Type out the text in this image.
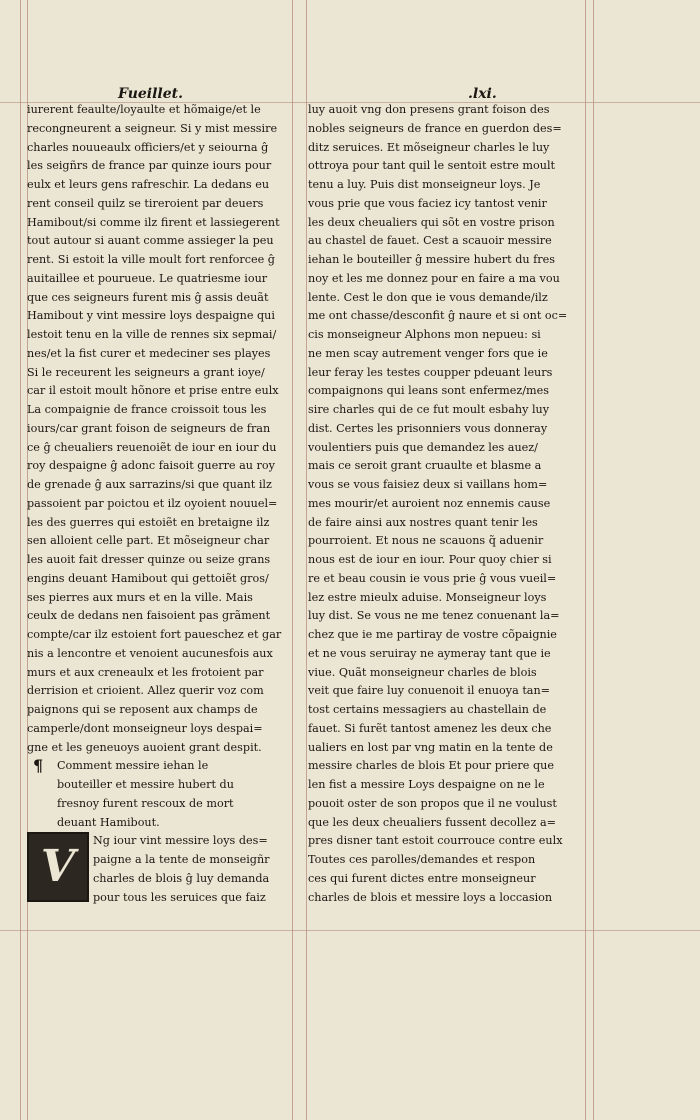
Fueillet.	.lxi.
iurerent feaulte/loyaulte et hõmaige/et le
recongneurent a seigneur. Si y mist messire
charles nouueaulx officiers/et y seiourna ĝ
les seigñrs de france par quinze iours pour
eulx et leurs gens rafreschir. La dedans eu
rent conseil quilz se tireroient par deuers
Hamibout/si comme ilz firent et lassiegerent
tout autour si auant comme assieger la peu
rent. Si estoit la ville moult fort renforcee ĝ
auitaillee et pourueue. Le quatriesme iour
que ces seigneurs furent mis ĝ assis deuãt
Hamibout y vint messire loys despaigne qui
lestoit tenu en la ville de rennes six sepmai/
nes/et la fist curer et medeciner ses playes
Si le receurent les seigneurs a grant ioye/
car il estoit moult hõnore et prise entre eulx
La compaignie de france croissoit tous les
iours/car grant foison de seigneurs de fran
ce ĝ cheualiers reuenoiẽt de iour en iour du
roy despaigne ĝ adonc faisoit guerre au roy
de grenade ĝ aux sarrazins/si que quant ilz
passoient par poictou et ilz oyoient nouuel=
les des guerres qui estoiẽt en bretaigne ilz
sen alloient celle part. Et mõseigneur char
les auoit fait dresser quinze ou seize grans
engins deuant Hamibout qui gettoiẽt gros/
ses pierres aux murs et en la ville. Mais
ceulx de dedans nen faisoient pas grãment
compte/car ilz estoient fort paueschez et gar
nis a lencontre et venoient aucunesfois aux
murs et aux creneaulx et les frotoient par
derrision et crioient. Allez querir voz com
paignons qui se reposent aux champs de
camperle/dont monseigneur loys despai=
gne et les geneuoys auoient grant despit.
¶ Comment messire iehan le
bouteiller et messire hubert du
fresnoy furent rescoux de mort
deuant Hamibout.
V
Ng iour vint messire loys des=
paigne a la tente de monseigñr
charles de blois ĝ luy demanda
pour tous les seruices que faiz
luy auoit vng don presens grant foison des
nobles seigneurs de france en guerdon des=
ditz seruices. Et mõseigneur charles le luy
ottroya pour tant quil le sentoit estre moult
tenu a luy. Puis dist monseigneur loys. Je
vous prie que vous faciez icy tantost venir
les deux cheualiers qui sõt en vostre prison
au chastel de fauet. Cest a scauoir messire
iehan le bouteiller ĝ messire hubert du fres
noy et les me donnez pour en faire a ma vou
lente. Cest le don que ie vous demande/ilz
me ont chasse/desconfit ĝ naure et si ont oc=
cis monseigneur Alphons mon nepueu: si
ne men scay autrement venger fors que ie
leur feray les testes coupper pdeuant leurs
compaignons qui leans sont enfermez/mes
sire charles qui de ce fut moult esbahy luy
dist. Certes les prisonniers vous donneray
voulentiers puis que demandez les auez/
mais ce seroit grant cruaulte et blasme a
vous se vous faisiez deux si vaillans hom=
mes mourir/et auroient noz ennemis cause
de faire ainsi aux nostres quant tenir les
pourroient. Et nous ne scauons q̃ aduenir
nous est de iour en iour. Pour quoy chier si
re et beau cousin ie vous prie ĝ vous vueil=
lez estre mieulx aduise. Monseigneur loys
luy dist. Se vous ne me tenez conuenant la=
chez que ie me partiray de vostre cõpaignie
et ne vous seruiray ne aymeray tant que ie
viue. Quãt monseigneur charles de blois
veit que faire luy conuenoit il enuoya tan=
tost certains messagiers au chastellain de
fauet. Si furẽt tantost amenez les deux che
ualiers en lost par vng matin en la tente de
messire charles de blois Et pour priere que
len fist a messire Loys despaigne on ne le
pouoit oster de son propos que il ne voulust
que les deux cheualiers fussent decollez a=
pres disner tant estoit courrouce contre eulx
Toutes ces parolles/demandes et respon
ces qui furent dictes entre monseigneur
charles de blois et messire loys a loccasion
